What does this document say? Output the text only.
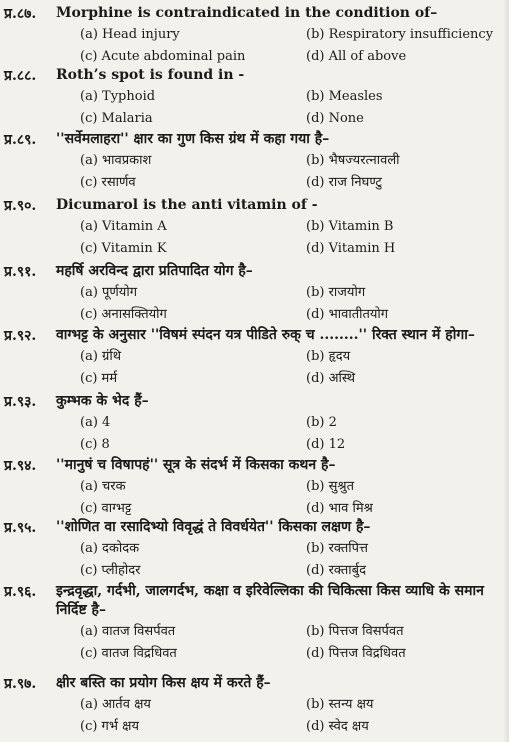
प्र.८७. Morphine is contraindicated in the condition of–
(a) Head injury	(b) Respiratory insufficiency
(c) Acute abdominal pain	(d) All of above
प्र.८८. Roth’s spot is found in -
(a) Typhoid	(b) Measles
(c) Malaria	(d) None
प्र.८९. ''सर्वेमलाहरा'' क्षार का गुण किस ग्रंथ में कहा गया है–
(a) भावप्रकाश	(b) भैषज्यरत्नावली
(c) रसार्णव	(d) राज निघण्टु
प्र.९०. Dicumarol is the anti vitamin of -
(a) Vitamin A	(b) Vitamin B
(c) Vitamin K	(d) Vitamin H
प्र.९१. महर्षि अरविन्द द्वारा प्रतिपादित योग है–
(a) पूर्णयोग	(b) राजयोग
(c) अनासक्तियोग	(d) भावातीतयोग
प्र.९२. वाग्भट्ट के अनुसार ''विषमं स्पंदन यत्र पीडिते रुक् च ........'' रिक्त स्थान में होगा–
(a) ग्रंथि	(b) हृदय
(c) मर्म	(d) अस्थि
प्र.९३. कुम्भक के भेद हैं–
(a) 4	(b) 2
(c) 8	(d) 12
प्र.९४. ''मानुषं च विषापहं'' सूत्र के संदर्भ में किसका कथन है–
(a) चरक	(b) सुश्रुत
(c) वाग्भट्ट	(d) भाव मिश्र
प्र.९५. ''शोणित वा रसादिभ्यो विवृद्धं ते विवर्धयेत'' किसका लक्षण है–
(a) दकोदक	(b) रक्तपित्त
(c) प्लीहोदर	(d) रक्तार्बुद
प्र.९६. इन्द्रवृद्धा, गर्दभी, जालगर्दभ, कक्षा व इरिवेल्लिका की चिकित्सा किस व्याधि के समान निर्दिष्ट है–
(a) वातज विसर्पवत	(b) पित्तज विसर्पवत
(c) वातज विद्रधिवत	(d) पित्तज विद्रधिवत
प्र.९७. क्षीर बस्ति का प्रयोग किस क्षय में करते हैं–
(a) आर्तव क्षय	(b) स्तन्य क्षय
(c) गर्भ क्षय	(d) स्वेद क्षय
